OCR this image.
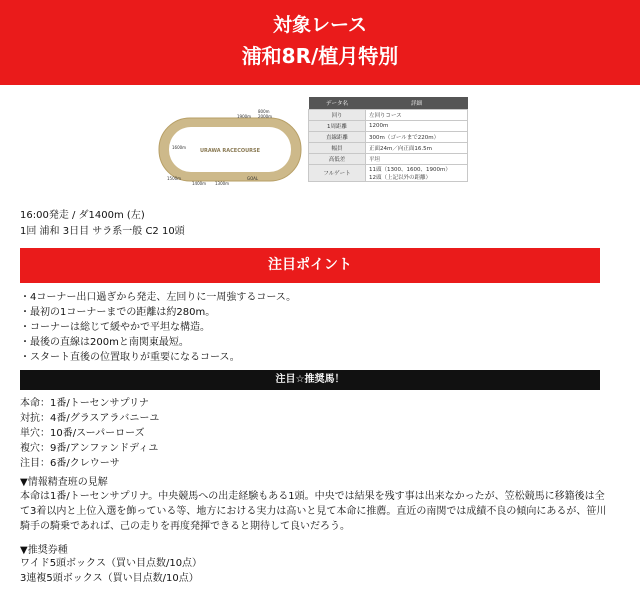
対象レース
浦和8R/植月特別
URAWA RACECOURSE
800m
1900m 2000m
1600m
1500m
1400m 1300m
GOAL
データ名	詳細
回り	左回りコース
1周距離	1200m
直線距離	300m（ゴールまで220m）
幅員	正面24m／向正面16.5m
高低差	平坦
フルゲート	11頭（1300、1600、1900m）
12頭（上記以外の距離）
16:00発走 / ダ1400m (左)
1回 浦和 3日目 サラ系一般 C2 10頭
注目ポイント
・4コーナー出口過ぎから発走、左回りに一周強するコース。
・最初の1コーナーまでの距離は約280m。
・コーナーは総じて緩やかで平坦な構造。
・最後の直線は200mと南関東最短。
・スタート直後の位置取りが重要になるコース。
注目☆推奨馬！
本命：1番/トーセンサプリナ
対抗：4番/グラスアラバニーユ
単穴：10番/スーパーローズ
複穴：9番/アンファンドディユ
注目：6番/クレウーサ
▼情報精査班の見解
本命は1番/トーセンサプリナ。中央競馬への出走経験もある1頭。中央では結果を残す事は出来なかったが、笠松競馬に移籍後は全て3着以内と上位入選を飾っている等、地方における実力は高いと見て本命に推薦。直近の南関では成績不良の傾向にあるが、笹川騎手の騎乗であれば、己の走りを再度発揮できると期待して良いだろう。
▼推奨券種
ワイド5頭ボックス（買い目点数/10点）
3連複5頭ボックス（買い目点数/10点）
